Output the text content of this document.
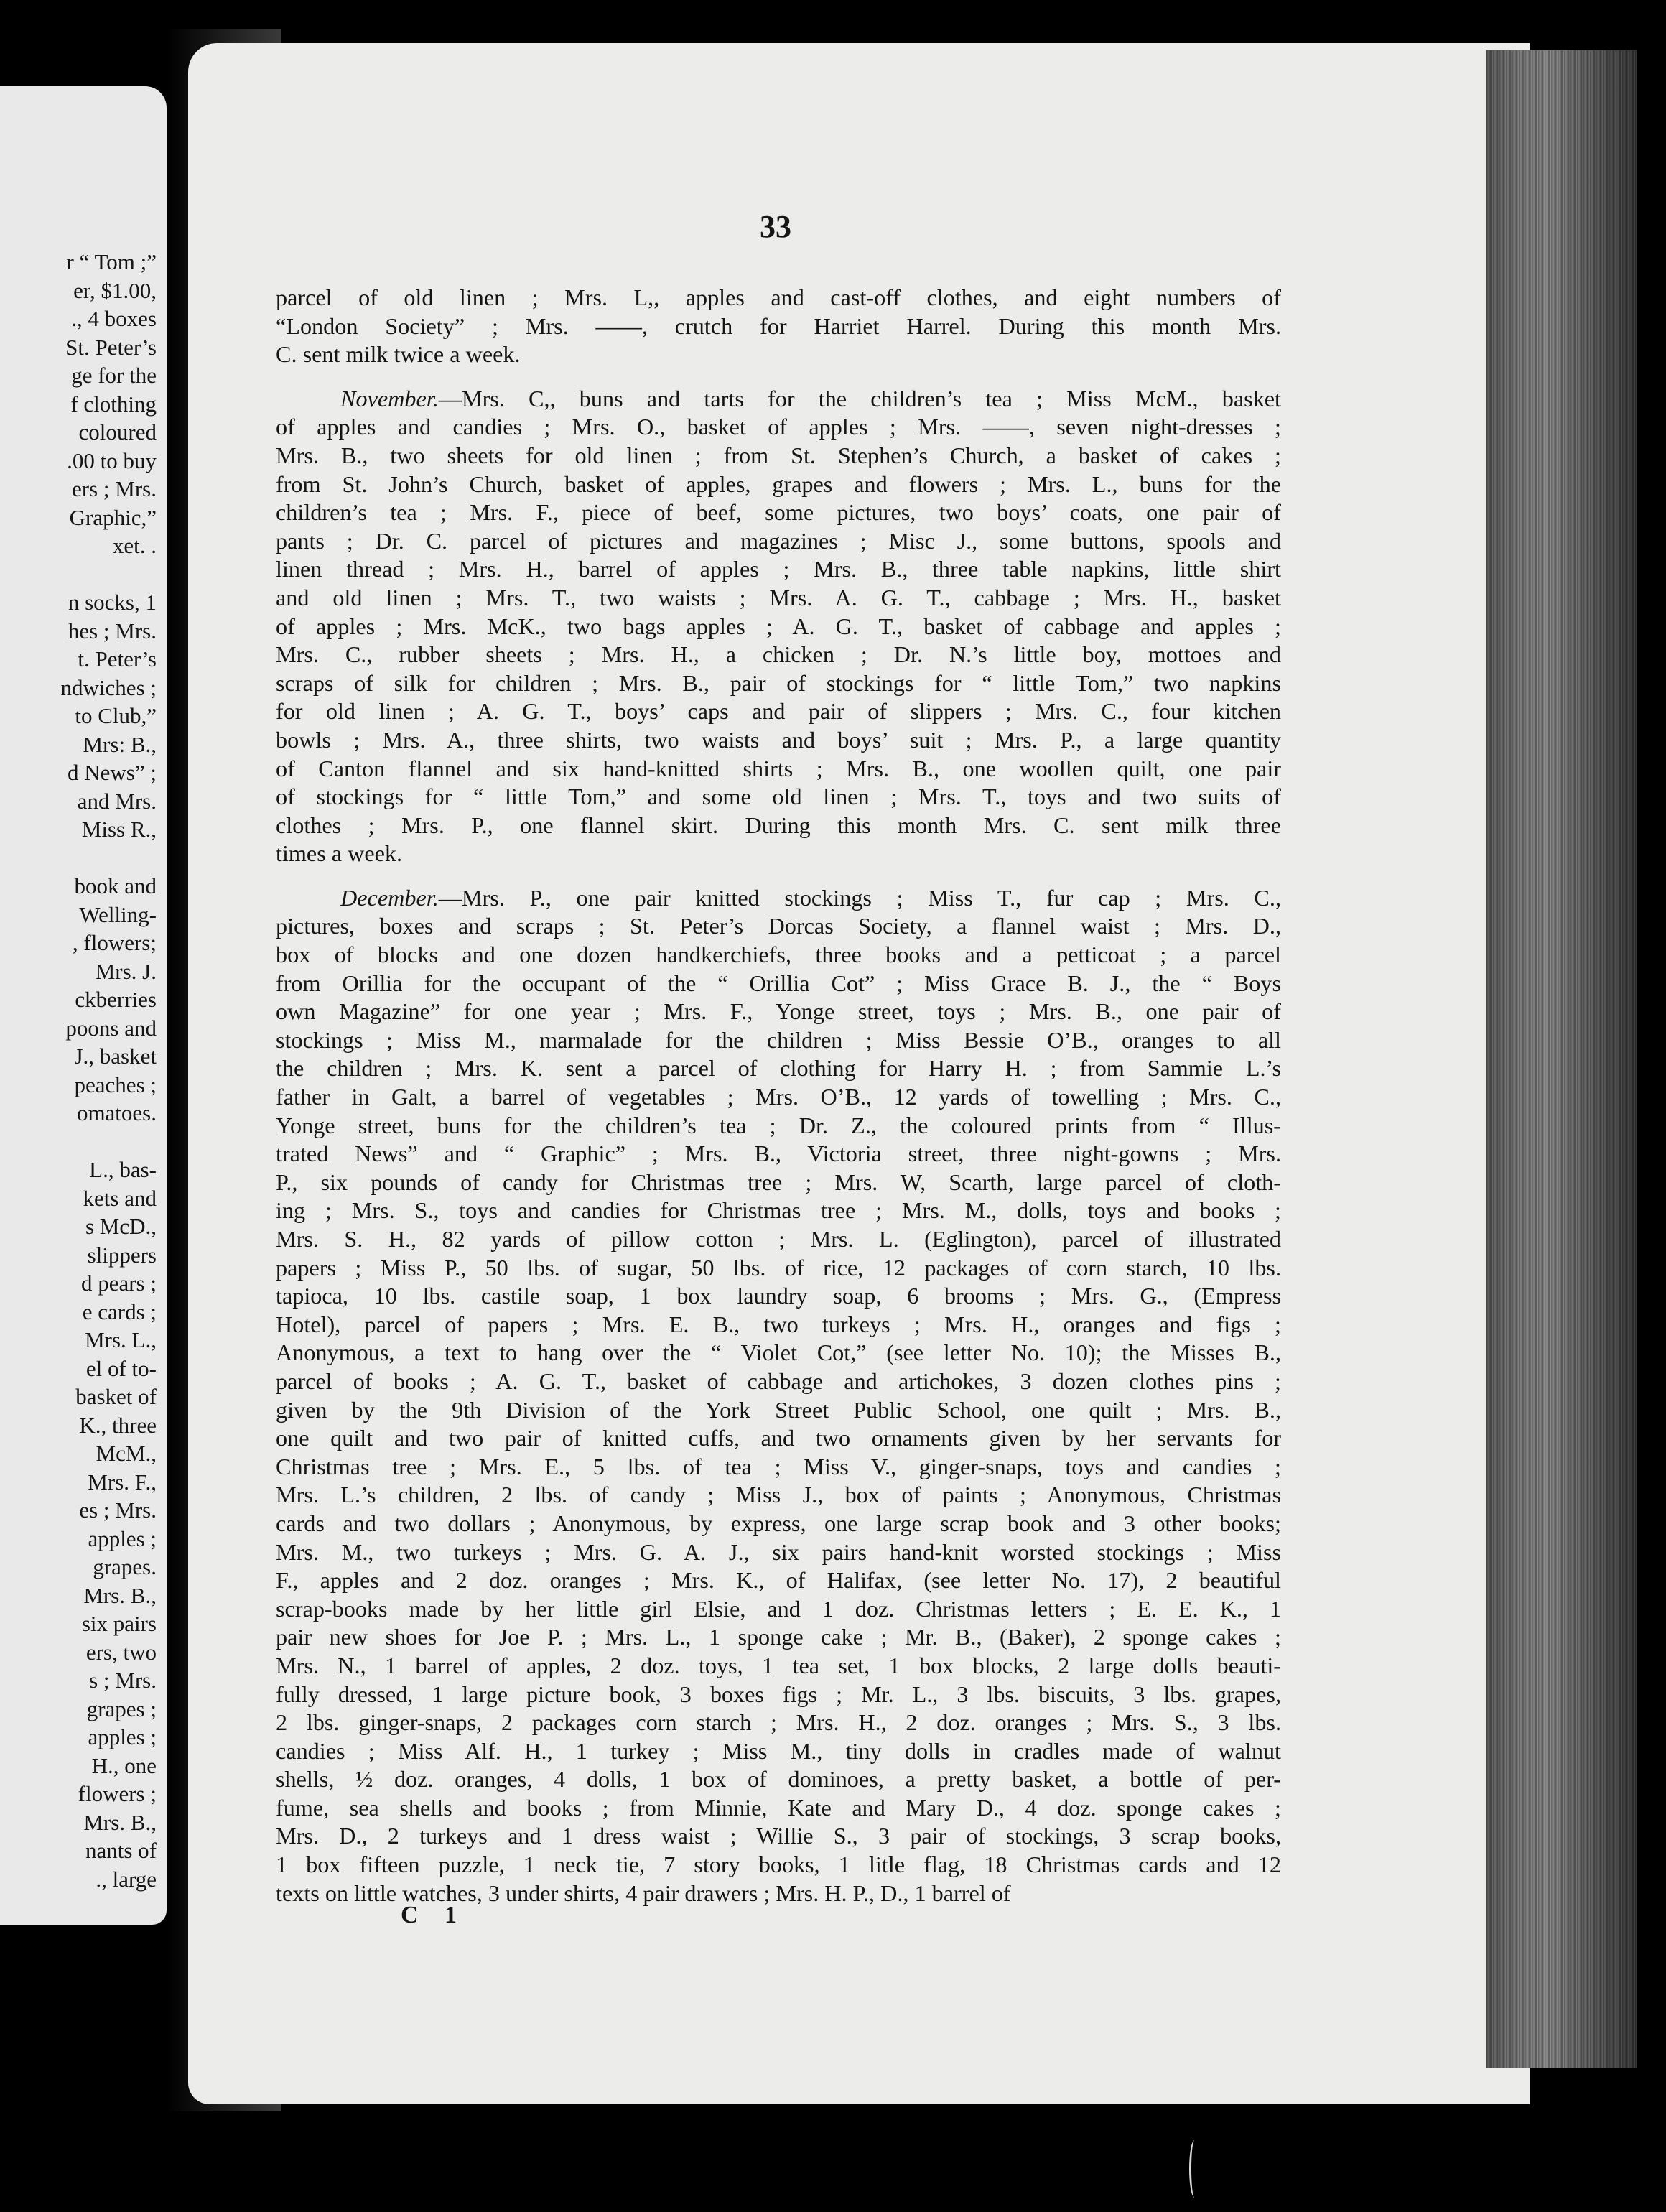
r “ Tom ;”
er, $1.00,
., 4 boxes
St. Peter’s
ge for the
f clothing
coloured
.00 to buy
ers ; Mrs.
Graphic,”
xet. .
n socks, 1
hes ; Mrs.
t. Peter’s
ndwiches ;
to Club,”
Mrs: B.,
d News” ;
and Mrs.
Miss R.,
book and
Welling-
, flowers;
Mrs. J.
ckberries
poons and
J., basket
peaches ;
omatoes.
L., bas-
kets and
s McD.,
slippers
d pears ;
e cards ;
Mrs. L.,
el of to-
basket of
K., three
McM.,
Mrs. F.,
es ; Mrs.
apples ;
grapes.
Mrs. B.,
six pairs
ers, two
s ; Mrs.
grapes ;
apples ;
H., one
flowers ;
Mrs. B.,
nants of
., large
33
parcel of old linen ; Mrs. L,, apples and cast-off clothes, and eight numbers of
“London Society” ; Mrs. ——, crutch for Harriet Harrel. During this month Mrs.
C. sent milk twice a week.
November.—Mrs. C,, buns and tarts for the children’s tea ; Miss McM., basket
of apples and candies ; Mrs. O., basket of apples ; Mrs. ——, seven night-dresses ;
Mrs. B., two sheets for old linen ; from St. Stephen’s Church, a basket of cakes ;
from St. John’s Church, basket of apples, grapes and flowers ; Mrs. L., buns for the
children’s tea ; Mrs. F., piece of beef, some pictures, two boys’ coats, one pair of
pants ; Dr. C. parcel of pictures and magazines ; Misc J., some buttons, spools and
linen thread ; Mrs. H., barrel of apples ; Mrs. B., three table napkins, little shirt
and old linen ; Mrs. T., two waists ; Mrs. A. G. T., cabbage ; Mrs. H., basket
of apples ; Mrs. McK., two bags apples ; A. G. T., basket of cabbage and apples ;
Mrs. C., rubber sheets ; Mrs. H., a chicken ; Dr. N.’s little boy, mottoes and
scraps of silk for children ; Mrs. B., pair of stockings for “ little Tom,” two napkins
for old linen ; A. G. T., boys’ caps and pair of slippers ; Mrs. C., four kitchen
bowls ; Mrs. A., three shirts, two waists and boys’ suit ; Mrs. P., a large quantity
of Canton flannel and six hand-knitted shirts ; Mrs. B., one woollen quilt, one pair
of stockings for “ little Tom,” and some old linen ; Mrs. T., toys and two suits of
clothes ; Mrs. P., one flannel skirt. During this month Mrs. C. sent milk three
times a week.
December.—Mrs. P., one pair knitted stockings ; Miss T., fur cap ; Mrs. C.,
pictures, boxes and scraps ; St. Peter’s Dorcas Society, a flannel waist ; Mrs. D.,
box of blocks and one dozen handkerchiefs, three books and a petticoat ; a parcel
from Orillia for the occupant of the “ Orillia Cot” ; Miss Grace B. J., the “ Boys
own Magazine” for one year ; Mrs. F., Yonge street, toys ; Mrs. B., one pair of
stockings ; Miss M., marmalade for the children ; Miss Bessie O’B., oranges to all
the children ; Mrs. K. sent a parcel of clothing for Harry H. ; from Sammie L.’s
father in Galt, a barrel of vegetables ; Mrs. O’B., 12 yards of towelling ; Mrs. C.,
Yonge street, buns for the children’s tea ; Dr. Z., the coloured prints from “ Illus-
trated News” and “ Graphic” ; Mrs. B., Victoria street, three night-gowns ; Mrs.
P., six pounds of candy for Christmas tree ; Mrs. W, Scarth, large parcel of cloth-
ing ; Mrs. S., toys and candies for Christmas tree ; Mrs. M., dolls, toys and books ;
Mrs. S. H., 82 yards of pillow cotton ; Mrs. L. (Eglington), parcel of illustrated
papers ; Miss P., 50 lbs. of sugar, 50 lbs. of rice, 12 packages of corn starch, 10 lbs.
tapioca, 10 lbs. castile soap, 1 box laundry soap, 6 brooms ; Mrs. G., (Empress
Hotel), parcel of papers ; Mrs. E. B., two turkeys ; Mrs. H., oranges and figs ;
Anonymous, a text to hang over the “ Violet Cot,” (see letter No. 10); the Misses B.,
parcel of books ; A. G. T., basket of cabbage and artichokes, 3 dozen clothes pins ;
given by the 9th Division of the York Street Public School, one quilt ; Mrs. B.,
one quilt and two pair of knitted cuffs, and two ornaments given by her servants for
Christmas tree ; Mrs. E., 5 lbs. of tea ; Miss V., ginger-snaps, toys and candies ;
Mrs. L.’s children, 2 lbs. of candy ; Miss J., box of paints ; Anonymous, Christmas
cards and two dollars ; Anonymous, by express, one large scrap book and 3 other books;
Mrs. M., two turkeys ; Mrs. G. A. J., six pairs hand-knit worsted stockings ; Miss
F., apples and 2 doz. oranges ; Mrs. K., of Halifax, (see letter No. 17), 2 beautiful
scrap-books made by her little girl Elsie, and 1 doz. Christmas letters ; E. E. K., 1
pair new shoes for Joe P. ; Mrs. L., 1 sponge cake ; Mr. B., (Baker), 2 sponge cakes ;
Mrs. N., 1 barrel of apples, 2 doz. toys, 1 tea set, 1 box blocks, 2 large dolls beauti-
fully dressed, 1 large picture book, 3 boxes figs ; Mr. L., 3 lbs. biscuits, 3 lbs. grapes,
2 lbs. ginger-snaps, 2 packages corn starch ; Mrs. H., 2 doz. oranges ; Mrs. S., 3 lbs.
candies ; Miss Alf. H., 1 turkey ; Miss M., tiny dolls in cradles made of walnut
shells, ½ doz. oranges, 4 dolls, 1 box of dominoes, a pretty basket, a bottle of per-
fume, sea shells and books ; from Minnie, Kate and Mary D., 4 doz. sponge cakes ;
Mrs. D., 2 turkeys and 1 dress waist ; Willie S., 3 pair of stockings, 3 scrap books,
1 box fifteen puzzle, 1 neck tie, 7 story books, 1 litle flag, 18 Christmas cards and 12
texts on little watches, 3 under shirts, 4 pair drawers ; Mrs. H. P., D., 1 barrel of
C 1
